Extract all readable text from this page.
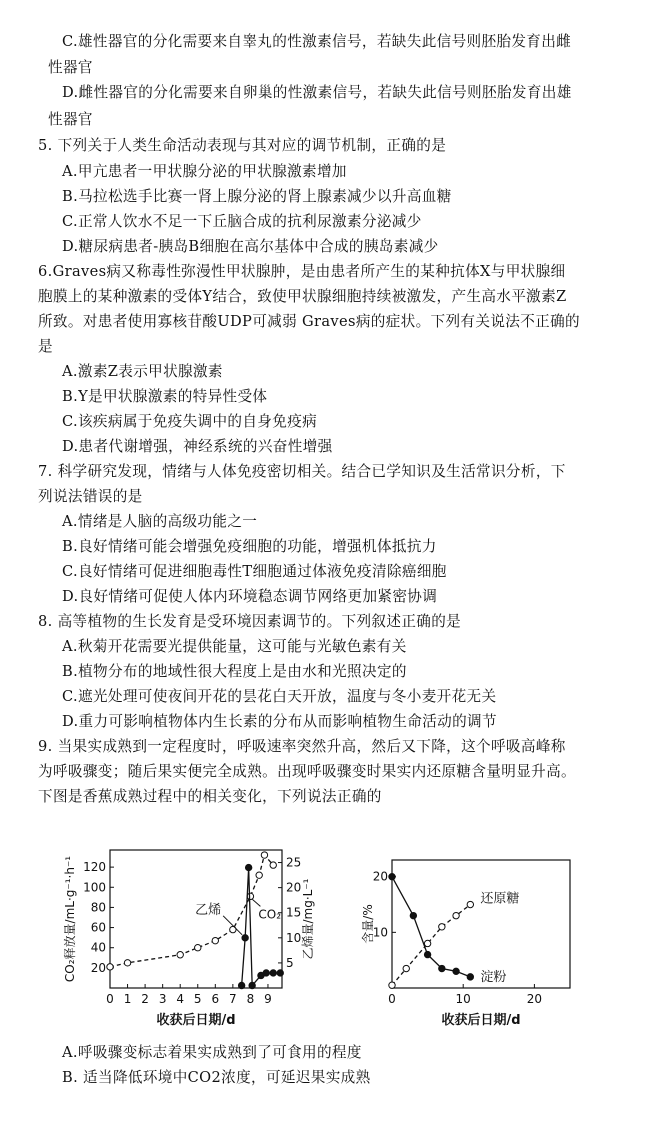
C.雄性器官的分化需要来自睾丸的性激素信号，若缺失此信号则胚胎发育出雌
性器官
D.雌性器官的分化需要来自卵巢的性激素信号，若缺失此信号则胚胎发育出雄
性器官
5. 下列关于人类生命活动表现与其对应的调节机制，正确的是
A.甲亢患者一甲状腺分泌的甲状腺激素增加
B.马拉松选手比赛一肾上腺分泌的肾上腺素减少以升高血糖
C.正常人饮水不足一下丘脑合成的抗利尿激素分泌减少
D.糖尿病患者-胰岛B细胞在高尔基体中合成的胰岛素减少
6.Graves病又称毒性弥漫性甲状腺肿，是由患者所产生的某种抗体X与甲状腺细
胞膜上的某种激素的受体Y结合，致使甲状腺细胞持续被激发，产生高水平激素Z
所致。对患者使用寡核苷酸UDP可减弱 Graves病的症状。下列有关说法不正确的
是
A.激素Z表示甲状腺激素
B.Y是甲状腺激素的特异性受体
C.该疾病属于免疫失调中的自身免疫病
D.患者代谢增强，神经系统的兴奋性增强
7. 科学研究发现，情绪与人体免疫密切相关。结合已学知识及生活常识分析，下
列说法错误的是
A.情绪是人脑的高级功能之一
B.良好情绪可能会增强免疫细胞的功能，增强机体抵抗力
C.良好情绪可促进细胞毒性T细胞通过体液免疫清除癌细胞
D.良好情绪可促使人体内环境稳态调节网络更加紧密协调
8. 高等植物的生长发育是受环境因素调节的。下列叙述正确的是
A.秋菊开花需要光提供能量，这可能与光敏色素有关
B.植物分布的地域性很大程度上是由水和光照决定的
C.遮光处理可使夜间开花的昙花白天开放，温度与冬小麦开花无关
D.重力可影响植物体内生长素的分布从而影响植物生命活动的调节
9. 当果实成熟到一定程度时，呼吸速率突然升高，然后又下降，这个呼吸高峰称
为呼吸骤变；随后果实便完全成熟。出现呼吸骤变时果实内还原糖含量明显升高。
下图是香蕉成熟过程中的相关变化，下列说法正确的
A.呼吸骤变标志着果实成熟到了可食用的程度
B. 适当降低环境中CO2浓度，可延迟果实成熟
0 1 2 3 4 5 6 7 8 9
20
40
60
80
100
120
5
10
15
20
25
收获后日期/d
CO₂释放量/mL·g⁻¹·h⁻¹	乙烯量/mg·L⁻¹
乙烯	CO₂
0	10	20
10
20
收获后日期/d
含量/%
淀粉
还原糖
